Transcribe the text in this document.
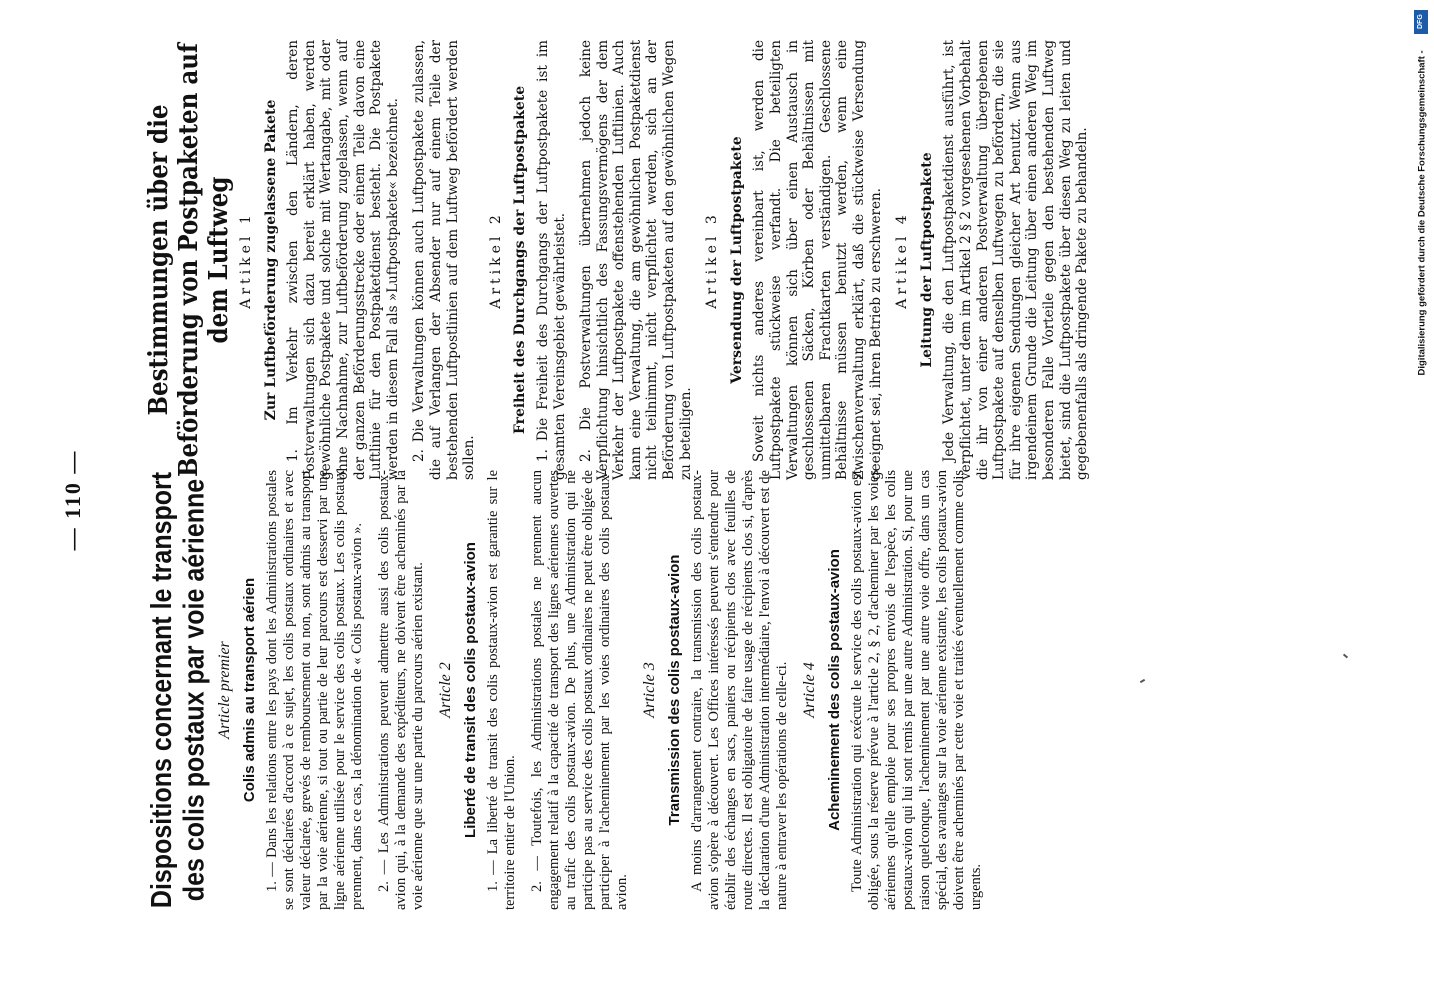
— 110 — Dispositions concernant le transport des colis postaux par voie aérienne Article premier Colis admis au transport aérien 1. — Dans les relations entre les pays dont les Administrations postales se sont déclarées d'accord à ce sujet, les colis postaux ordinaires et avec valeur déclarée, grevés de remboursement ou non, sont admis au transport par la voie aérienne, si tout ou partie de leur parcours est desservi par une ligne aérienne utilisée pour le service des colis postaux. Les colis postaux prennent, dans ce cas, la dénomination de « Colis postaux-avion ». 2. — Les Administrations peuvent admettre aussi des colis postaux-avion qui, à la demande des expéditeurs, ne doivent être acheminés par la voie aérienne que sur une partie du parcours aérien existant. Article 2 Liberté de transit des colis postaux-avion 1. — La liberté de transit des colis postaux-avion est garantie sur le territoire entier de l'Union. 2. — Toutefois, les Administrations postales ne prennent aucun engagement relatif à la capacité de transport des lignes aériennes ouvertes au trafic des colis postaux-avion. De plus, une Administration qui ne participe pas au service des colis postaux ordinaires ne peut être obligée de participer à l'acheminement par les voies ordinaires des colis postaux-avion.

Article 3 Transmission des colis postaux-avion A moins d'arrangement contraire, la transmission des colis postaux-avion s'opère à découvert. Les Offices intéressés peuvent s'entendre pour établir des échanges en sacs, paniers ou récipients clos avec feuilles de route directes. Il est obligatoire de faire usage de récipients clos si, d'après la déclaration d'une Administration intermédiaire, l'envoi à découvert est de nature à entraver les opérations de celle-ci. Article 4 Acheminement des colis postaux-avion Toute Administration qui exécute le service des colis postaux-avion est obligée, sous la réserve prévue à l'article 2, § 2, d'acheminer par les voies aériennes qu'elle emploie pour ses propres envois de l'espèce, les colis postaux-avion qui lui sont remis par une autre Administration. Si, pour une raison quelconque, l'acheminement par une autre voie offre, dans un cas spécial, des avantages sur la voie aérienne existante, les colis postaux-avion doivent être acheminés par cette voie et traités éventuellement comme colis urgents.

Bestimmungen über die Beförderung von Postpaketen auf dem Luftweg Artikel 1 Zur Luftbeförderung zugelassene Pakete 1. Im Verkehr zwischen den Ländern, deren Postverwaltungen sich dazu bereit erklärt haben, werden gewöhnliche Postpakete und solche mit Wertangabe, mit oder ohne Nachnahme, zur Luftbeförderung zugelassen, wenn auf der ganzen Beförderungsstrecke oder einem Teile davon eine Luftlinie für den Postpaketdienst besteht. Die Postpakete werden in diesem Fall als »Luftpostpakete« bezeichnet. 2. Die Verwaltungen können auch Luftpostpakete zulassen, die auf Verlangen der Absender nur auf einem Teile der bestehenden Luftpostlinien auf dem Luftweg befördert werden sollen.

Artikel 2 Freiheit des Durchgangs der Luftpostpakete 1. Die Freiheit des Durchgangs der Luftpostpakete ist im gesamten Vereinsgebiet gewährleistet. 2. Die Postverwaltungen übernehmen jedoch keine Verpflichtung hinsichtlich des Fassungsvermögens der dem Verkehr der Luftpostpakete offenstehenden Luftlinien. Auch kann eine Verwaltung, die am gewöhnlichen Postpaketdienst nicht teilnimmt, nicht verpflichtet werden, sich an der Beförderung von Luftpostpaketen auf den gewöhnlichen Wegen zu beteiligen.

Artikel 3 Versendung der Luftpostpakete Soweit nichts anderes vereinbart ist, werden die Luftpostpakete stückweise verfandt. Die beteiligten Verwaltungen können sich über einen Austausch in geschlossenen Säcken, Körben oder Behältnissen mit unmittelbaren Frachtkarten verständigen. Geschlossene Behältnisse müssen benutzt werden, wenn eine Zwischenverwaltung erklärt, daß die stückweise Versendung geeignet sei, ihren Betrieb zu erschweren. Artikel 4 Leitung der Luftpostpakete Jede Verwaltung, die den Luftpostpaketdienst ausführt, ist verpflichtet, unter dem im Artikel 2 § 2 vorgesehenen Vorbehalt die ihr von einer anderen Postverwaltung übergebenen Luftpostpakete auf denselben Luftwegen zu befördern, die sie für ihre eigenen Sendungen gleicher Art benutzt. Wenn aus irgendeinem Grunde die Leitung über einen anderen Weg im besonderen Falle Vorteile gegen den bestehenden Luftweg bietet, sind die Luftpostpakete über diesen Weg zu leiten und gegebenenfalls als dringende Pakete zu behandeln.

DFG
Digitalisierung gefördert durch die Deutsche Forschungsgemeinschaft -
